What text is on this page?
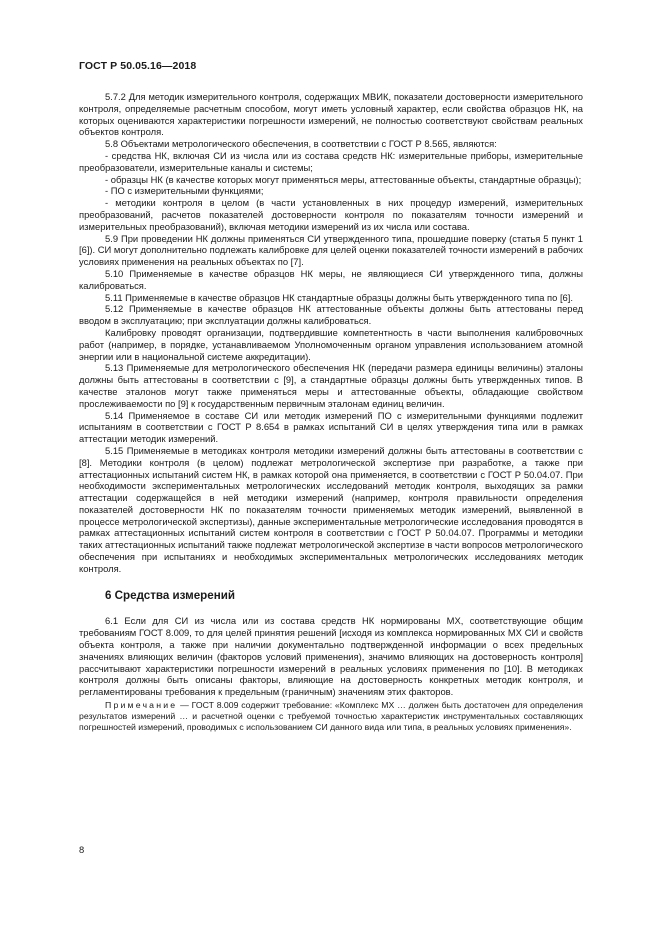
ГОСТ Р 50.05.16—2018

5.7.2 Для методик измерительного контроля, содержащих МВИК, показатели достоверности измерительного контроля, определяемые расчетным способом, могут иметь условный характер, если свойства образцов НК, на которых оцениваются характеристики погрешности измерений, не полностью соответствуют свойствам реальных объектов контроля.

5.8 Объектами метрологического обеспечения, в соответствии с ГОСТ Р 8.565, являются:

- средства НК, включая СИ из числа или из состава средств НК: измерительные приборы, измерительные преобразователи, измерительные каналы и системы;

- образцы НК (в качестве которых могут применяться меры, аттестованные объекты, стандартные образцы);

- ПО с измерительными функциями;

- методики контроля в целом (в части установленных в них процедур измерений, измерительных преобразований, расчетов показателей достоверности контроля по показателям точности измерений и измерительных преобразований), включая методики измерений из их числа или состава.

5.9 При проведении НК должны применяться СИ утвержденного типа, прошедшие поверку (статья 5 пункт 1 [6]). СИ могут дополнительно подлежать калибровке для целей оценки показателей точности измерений в рабочих условиях применения на реальных объектах по [7].

5.10 Применяемые в качестве образцов НК меры, не являющиеся СИ утвержденного типа, должны калиброваться.

5.11 Применяемые в качестве образцов НК стандартные образцы должны быть утвержденного типа по [6].

5.12 Применяемые в качестве образцов НК аттестованные объекты должны быть аттестованы перед вводом в эксплуатацию; при эксплуатации должны калиброваться.

Калибровку проводят организации, подтвердившие компетентность в части выполнения калибровочных работ (например, в порядке, устанавливаемом Уполномоченным органом управления использованием атомной энергии или в национальной системе аккредитации).

5.13 Применяемые для метрологического обеспечения НК (передачи размера единицы величины) эталоны должны быть аттестованы в соответствии с [9], а стандартные образцы должны быть утвержденных типов. В качестве эталонов могут также применяться меры и аттестованные объекты, обладающие свойством прослеживаемости по [9] к государственным первичным эталонам единиц величин.

5.14 Применяемое в составе СИ или методик измерений ПО с измерительными функциями подлежит испытаниям в соответствии с ГОСТ Р 8.654 в рамках испытаний СИ в целях утверждения типа или в рамках аттестации методик измерений.

5.15 Применяемые в методиках контроля методики измерений должны быть аттестованы в соответствии с [8]. Методики контроля (в целом) подлежат метрологической экспертизе при разработке, а также при аттестационных испытаний систем НК, в рамках которой она применяется, в соответствии с ГОСТ Р 50.04.07. При необходимости экспериментальных метрологических исследований методик контроля, выходящих за рамки аттестации содержащейся в ней методики измерений (например, контроля правильности определения показателей достоверности НК по показателям точности применяемых методик измерений, выявленной в процессе метрологической экспертизы), данные экспериментальные метрологические исследования проводятся в рамках аттестационных испытаний систем контроля в соответствии с ГОСТ Р 50.04.07. Программы и методики таких аттестационных испытаний также подлежат метрологической экспертизе в части вопросов метрологического обеспечения при испытаниях и необходимых экспериментальных метрологических исследованиях методик контроля.

6 Средства измерений

6.1 Если для СИ из числа или из состава средств НК нормированы МХ, соответствующие общим требованиям ГОСТ 8.009, то для целей принятия решений [исходя из комплекса нормированных МХ СИ и свойств объекта контроля, а также при наличии документально подтвержденной информации о всех предельных значениях влияющих величин (факторов условий применения), значимо влияющих на достоверность контроля] рассчитывают характеристики погрешности измерений в реальных условиях применения по [10]. В методиках контроля должны быть описаны факторы, влияющие на достоверность конкретных методик контроля, и регламентированы требования к предельным (граничным) значениям этих факторов.

Примечание — ГОСТ 8.009 содержит требование: «Комплекс МХ … должен быть достаточен для определения результатов измерений … и расчетной оценки с требуемой точностью характеристик инструментальных составляющих погрешностей измерений, проводимых с использованием СИ данного вида или типа, в реальных условиях применения».

8
